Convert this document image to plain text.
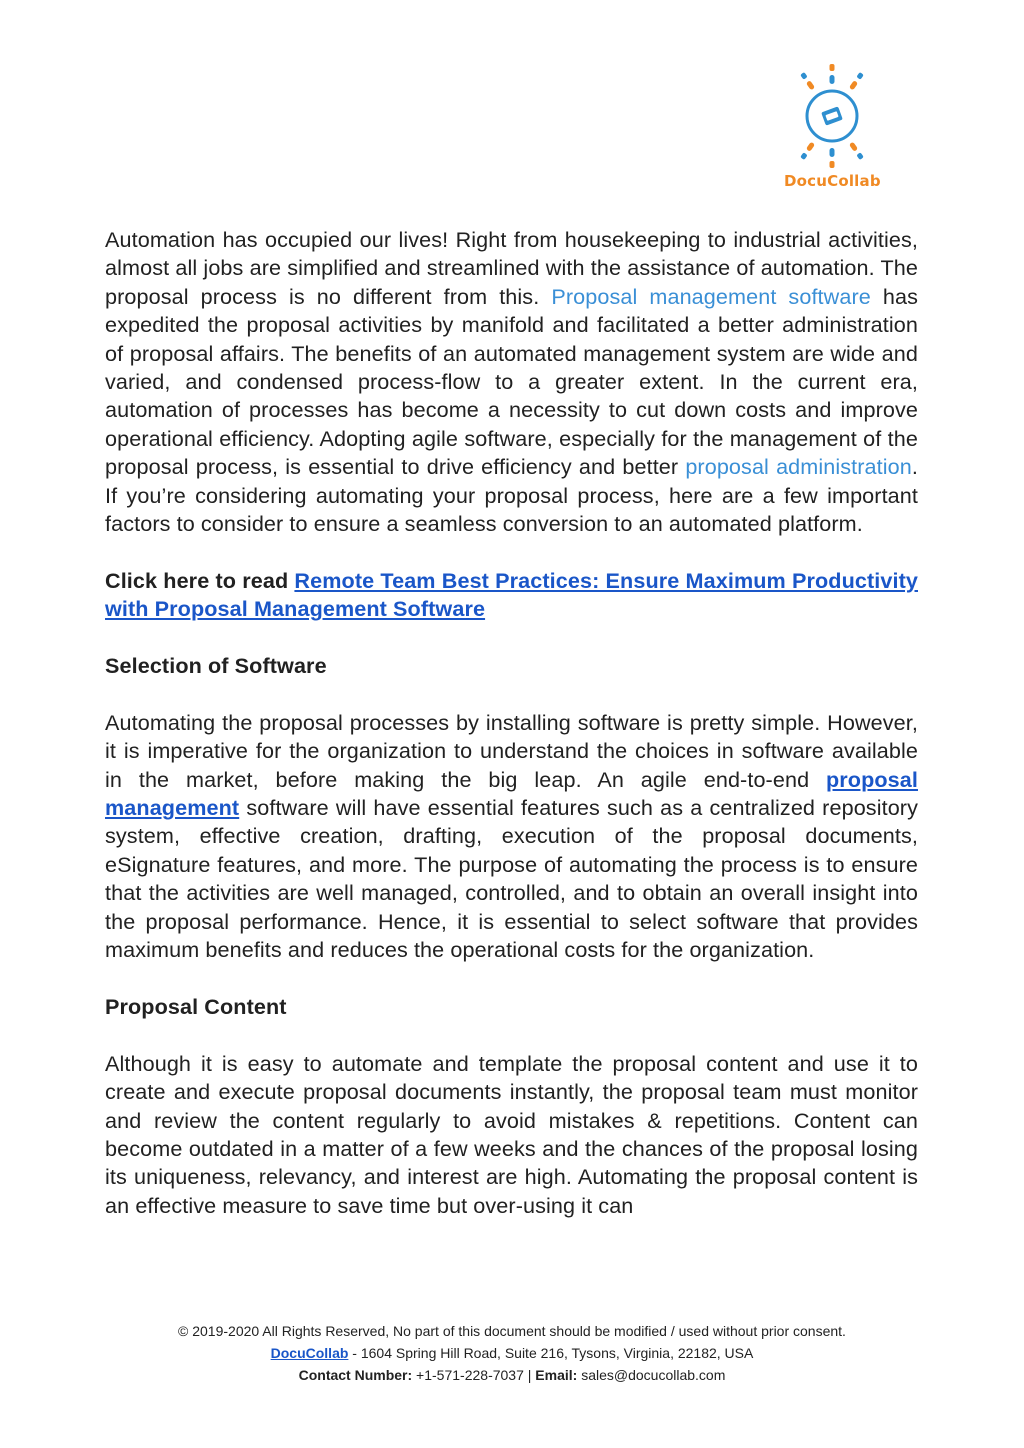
DocuCollab

Automation has occupied our lives! Right from housekeeping to industrial activities, almost all jobs are simplified and streamlined with the assistance of automation. The proposal process is no different from this. Proposal management software has expedited the proposal activities by manifold and facilitated a better administration of proposal affairs. The benefits of an automated management system are wide and varied, and condensed process-flow to a greater extent. In the current era, automation of processes has become a necessity to cut down costs and improve operational efficiency. Adopting agile software, especially for the management of the proposal process, is essential to drive efficiency and better proposal administration. If you’re considering automating your proposal process, here are a few important factors to consider to ensure a seamless conversion to an automated platform.

Click here to read Remote Team Best Practices: Ensure Maximum Productivity with Proposal Management Software

Selection of Software

Automating the proposal processes by installing software is pretty simple. However, it is imperative for the organization to understand the choices in software available in the market, before making the big leap. An agile end-to-end proposal management software will have essential features such as a centralized repository system, effective creation, drafting, execution of the proposal documents, eSignature features, and more. The purpose of automating the process is to ensure that the activities are well managed, controlled, and to obtain an overall insight into the proposal performance. Hence, it is essential to select software that provides maximum benefits and reduces the operational costs for the organization.

Proposal Content

Although it is easy to automate and template the proposal content and use it to create and execute proposal documents instantly, the proposal team must monitor and review the content regularly to avoid mistakes & repetitions. Content can become outdated in a matter of a few weeks and the chances of the proposal losing its uniqueness, relevancy, and interest are high. Automating the proposal content is an effective measure to save time but over-using it can

© 2019-2020 All Rights Reserved, No part of this document should be modified / used without prior consent.
DocuCollab - 1604 Spring Hill Road, Suite 216, Tysons, Virginia, 22182, USA
Contact Number: +1-571-228-7037 | Email: sales@docucollab.com
